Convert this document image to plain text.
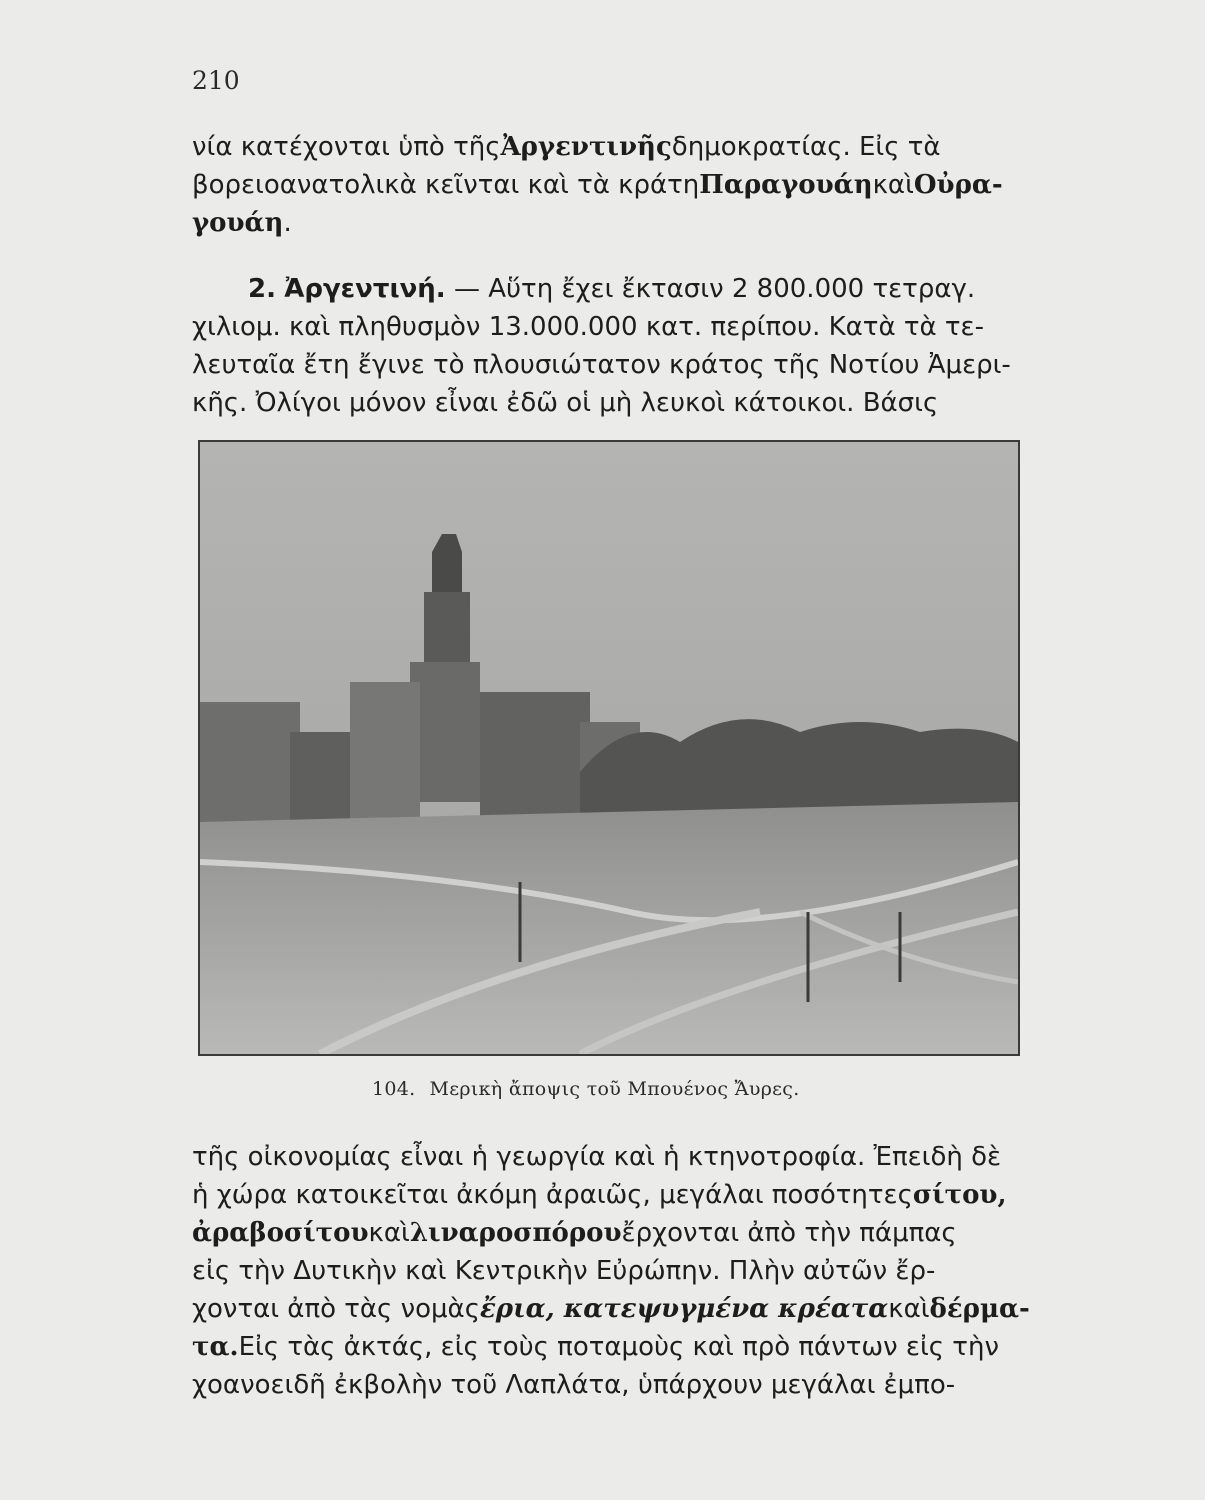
210
νία κατέχονται ὑπὸ τῆςἈργεντινῆςδημοκρατίας. Εἰς τὰ
βορειοανατολικὰ κεῖνται καὶ τὰ κράτηΠαραγουάηκαὶΟὐρα-
γουάη.
2. Ἀργεντινή. — Αὕτη ἔχει ἔκτασιν 2 800.000 τετραγ.
χιλιομ. καὶ πληθυσμὸν 13.000.000 κατ. περίπου. Κατὰ τὰ τε-
λευταῖα ἔτη ἔγινε τὸ πλουσιώτατον κράτος τῆς Νοτίου Ἀμερι-
κῆς. Ὀλίγοι μόνον εἶναι ἐδῶ οἱ μὴ λευκοὶ κάτοικοι. Βάσις
104. Μερικὴ ἄποψις τοῦ Μπουένος Ἄυρες.
τῆς οἰκονομίας εἶναι ἡ γεωργία καὶ ἡ κτηνοτροφία. Ἐπειδὴ δὲ
ἡ χώρα κατοικεῖται ἀκόμη ἀραιῶς, μεγάλαι ποσότητεςσίτου,
ἀραβοσίτουκαὶλιναροσπόρουἔρχονται ἀπὸ τὴν πάμπας
εἰς τὴν Δυτικὴν καὶ Κεντρικὴν Εὐρώπην. Πλὴν αὐτῶν ἔρ-
χονται ἀπὸ τὰς νομὰςἔρια, κατεψυγμένα κρέατακαὶδέρμα-
τα.Εἰς τὰς ἀκτάς, εἰς τοὺς ποταμοὺς καὶ πρὸ πάντων εἰς τὴν
χοανοειδῆ ἐκβολὴν τοῦ Λαπλάτα, ὑπάρχουν μεγάλαι ἐμπο-
